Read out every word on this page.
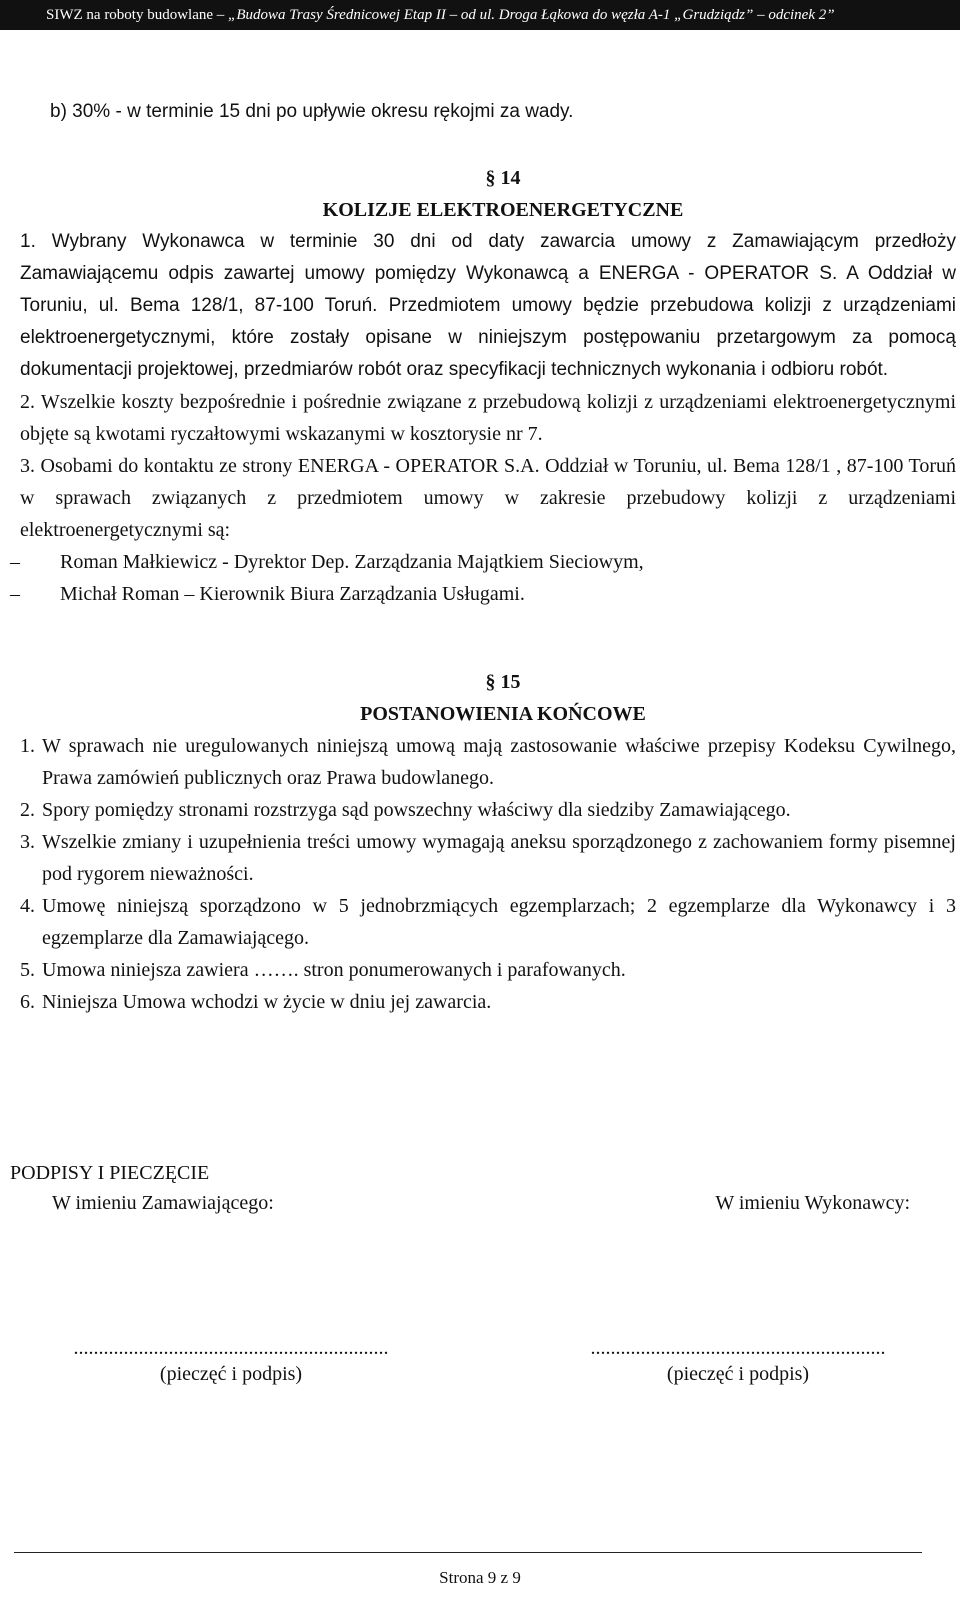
SIWZ na roboty budowlane – „Budowa Trasy Średnicowej Etap II – od ul. Droga Łąkowa do węzła A-1 „Grudziądz” – odcinek 2”

b) 30% - w terminie 15 dni po upływie okresu rękojmi za wady.

§ 14

KOLIZJE ELEKTROENERGETYCZNE

1. Wybrany Wykonawca w terminie 30 dni od daty zawarcia umowy z Zamawiającym przedłoży Zamawiającemu odpis zawartej umowy pomiędzy Wykonawcą a ENERGA - OPERATOR S. A Oddział w Toruniu, ul. Bema 128/1, 87-100 Toruń. Przedmiotem umowy będzie przebudowa kolizji z urządzeniami elektroenergetycznymi, które zostały opisane w niniejszym postępowaniu przetargowym za pomocą dokumentacji projektowej, przedmiarów robót oraz specyfikacji technicznych wykonania i odbioru robót.

2. Wszelkie koszty bezpośrednie i pośrednie związane z przebudową kolizji z urządzeniami elektroenergetycznymi objęte są kwotami ryczałtowymi wskazanymi w kosztorysie nr 7.

3. Osobami do kontaktu ze strony ENERGA - OPERATOR S.A. Oddział w Toruniu, ul. Bema 128/1 , 87-100 Toruń w sprawach związanych z przedmiotem umowy w zakresie przebudowy kolizji z urządzeniami elektroenergetycznymi są:

– Roman Małkiewicz - Dyrektor Dep. Zarządzania Majątkiem Sieciowym,

– Michał Roman – Kierownik Biura Zarządzania Usługami.

§ 15

POSTANOWIENIA KOŃCOWE

1. W sprawach nie uregulowanych niniejszą umową mają zastosowanie właściwe przepisy Kodeksu Cywilnego, Prawa zamówień publicznych oraz Prawa budowlanego.

2. Spory pomiędzy stronami rozstrzyga sąd powszechny właściwy dla siedziby Zamawiającego.

3. Wszelkie zmiany i uzupełnienia treści umowy wymagają aneksu sporządzonego z zachowaniem formy pisemnej pod rygorem nieważności.

4. Umowę niniejszą sporządzono w 5 jednobrzmiących egzemplarzach; 2 egzemplarze dla Wykonawcy i 3 egzemplarze dla Zamawiającego.

5. Umowa niniejsza zawiera ……. stron ponumerowanych i parafowanych.

6. Niniejsza Umowa wchodzi w życie w dniu jej zawarcia.

PODPISY I PIECZĘCIE

W imieniu Zamawiającego:	W imieniu Wykonawcy:
...............................................................
(pieczęć i podpis)
...........................................................
(pieczęć i podpis)
Strona 9 z 9
